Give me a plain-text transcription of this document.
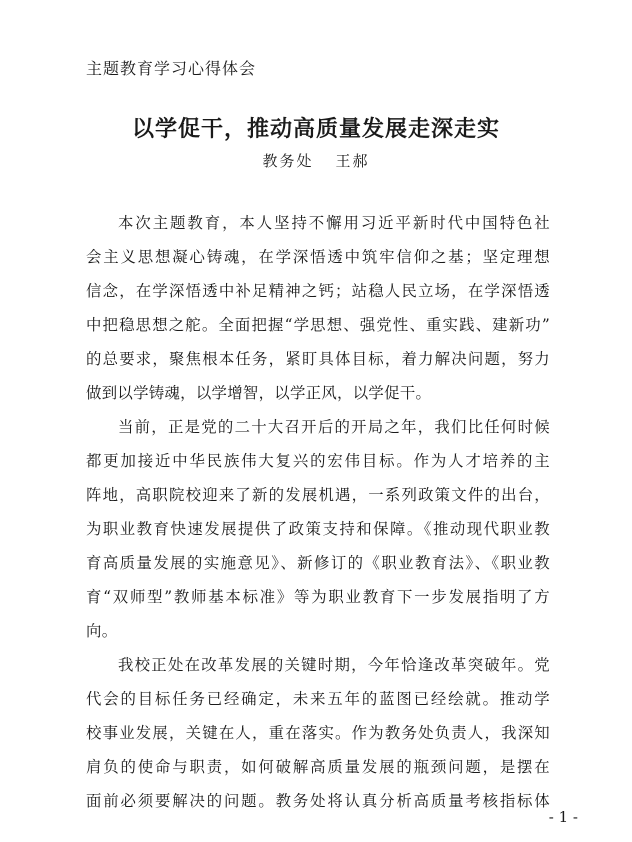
主题教育学习心得体会
以学促干，推动高质量发展走深走实
教务处 王郝
本次主题教育，本人坚持不懈用习近平新时代中国特色社
会主义思想凝心铸魂，在学深悟透中筑牢信仰之基；坚定理想
信念，在学深悟透中补足精神之钙；站稳人民立场，在学深悟透
中把稳思想之舵。全面把握“学思想、强党性、重实践、建新功”
的总要求，聚焦根本任务，紧盯具体目标，着力解决问题，努力
做到以学铸魂，以学增智，以学正风，以学促干。
当前，正是党的二十大召开后的开局之年，我们比任何时候
都更加接近中华民族伟大复兴的宏伟目标。作为人才培养的主
阵地，高职院校迎来了新的发展机遇，一系列政策文件的出台，
为职业教育快速发展提供了政策支持和保障。《推动现代职业教
育高质量发展的实施意见》、新修订的《职业教育法》、《职业教
育“双师型”教师基本标准》等为职业教育下一步发展指明了方
向。
我校正处在改革发展的关键时期，今年恰逢改革突破年。党
代会的目标任务已经确定，未来五年的蓝图已经绘就。推动学
校事业发展，关键在人，重在落实。作为教务处负责人，我深知
肩负的使命与职责，如何破解高质量发展的瓶颈问题，是摆在
面前必须要解决的问题。教务处将认真分析高质量考核指标体
- 1 -
